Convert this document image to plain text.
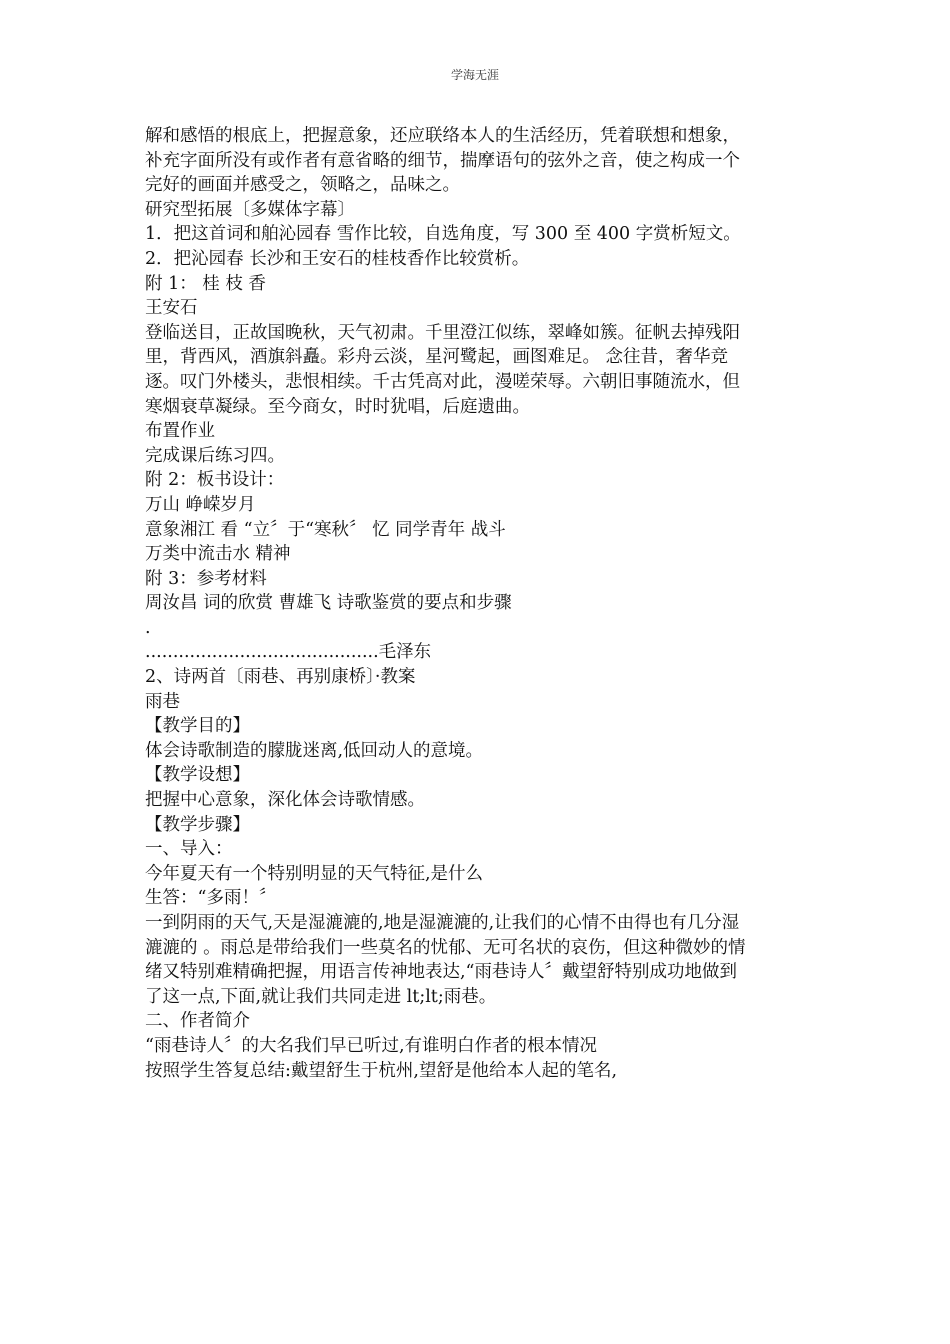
学海无涯
解和感悟的根底上，把握意象，还应联络本人的生活经历，凭着联想和想象，
补充字面所没有或作者有意省略的细节，揣摩语句的弦外之音，使之构成一个
完好的画面并感受之，领略之，品味之。
研究型拓展〔多媒体字幕〕
1．把这首词和舶沁园春 雪作比较，自选角度，写 300 至 400 字赏析短文。
2．把沁园春 长沙和王安石的桂枝香作比较赏析。
附 1： 桂 枝 香
王安石
登临送目，正故国晚秋，天气初肃。千里澄江似练，翠峰如簇。征帆去掉残阳
里，背西风，酒旗斜矗。彩舟云淡，星河鹭起，画图难足。 念往昔，奢华竞
逐。叹门外楼头，悲恨相续。千古凭高对此，漫嗟荣辱。六朝旧事随流水，但
寒烟衰草凝绿。至今商女，时时犹唱，后庭遗曲。
布置作业
完成课后练习四。
附 2：板书设计：
万山 峥嵘岁月
意象湘江 看 “立〞于“寒秋〞 忆 同学青年 战斗
万类中流击水 精神
附 3：参考材料
周汝昌 词的欣赏 曹雄飞 诗歌鉴赏的要点和步骤
.
..........................................毛泽东
2、诗两首〔雨巷、再别康桥〕·教案
雨巷
【教学目的】
体会诗歌制造的朦胧迷离,低回动人的意境。
【教学设想】
把握中心意象，深化体会诗歌情感。
【教学步骤】
一、导入：
今年夏天有一个特别明显的天气特征,是什么
生答：“多雨！〞
一到阴雨的天气,天是湿漉漉的,地是湿漉漉的,让我们的心情不由得也有几分湿
漉漉的 。雨总是带给我们一些莫名的忧郁、无可名状的哀伤，但这种微妙的情
绪又特别难精确把握，用语言传神地表达,“雨巷诗人〞戴望舒特别成功地做到
了这一点,下面,就让我们共同走进 lt;lt;雨巷。
二、作者简介
“雨巷诗人〞的大名我们早已听过,有谁明白作者的根本情况
按照学生答复总结:戴望舒生于杭州,望舒是他给本人起的笔名,
